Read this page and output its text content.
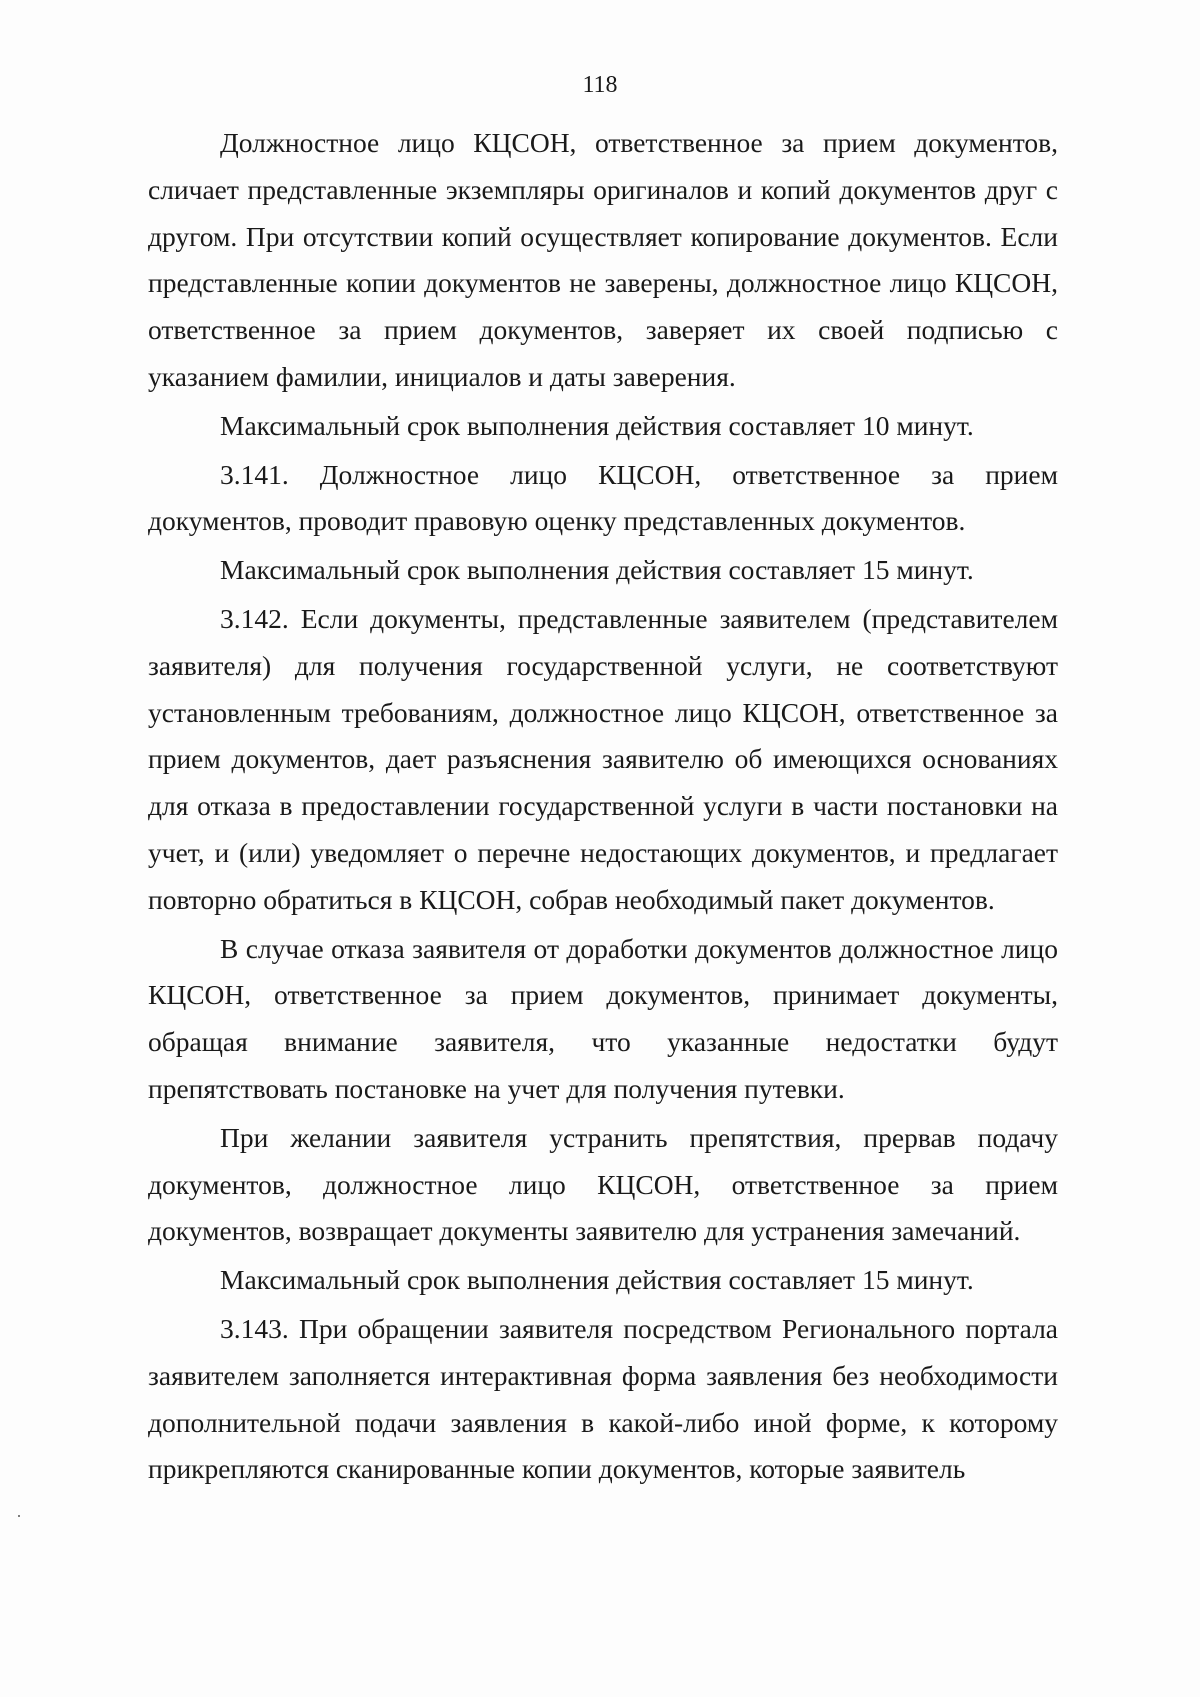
118

Должностное лицо КЦСОН, ответственное за прием документов, сличает представленные экземпляры оригиналов и копий документов друг с другом. При отсутствии копий осуществляет копирование документов. Если представленные копии документов не заверены, должностное лицо КЦСОН, ответственное за прием документов, заверяет их своей подписью с указанием фамилии, инициалов и даты заверения.

Максимальный срок выполнения действия составляет 10 минут.

3.141. Должностное лицо КЦСОН, ответственное за прием документов, проводит правовую оценку представленных документов.

Максимальный срок выполнения действия составляет 15 минут.

3.142. Если документы, представленные заявителем (представителем заявителя) для получения государственной услуги, не соответствуют установленным требованиям, должностное лицо КЦСОН, ответственное за прием документов, дает разъяснения заявителю об имеющихся основаниях для отказа в предоставлении государственной услуги в части постановки на учет, и (или) уведомляет о перечне недостающих документов, и предлагает повторно обратиться в КЦСОН, собрав необходимый пакет документов.

В случае отказа заявителя от доработки документов должностное лицо КЦСОН, ответственное за прием документов, принимает документы, обращая внимание заявителя, что указанные недостатки будут препятствовать постановке на учет для получения путевки.

При желании заявителя устранить препятствия, прервав подачу документов, должностное лицо КЦСОН, ответственное за прием документов, возвращает документы заявителю для устранения замечаний.

Максимальный срок выполнения действия составляет 15 минут.

3.143. При обращении заявителя посредством Регионального портала заявителем заполняется интерактивная форма заявления без необходимости дополнительной подачи заявления в какой-либо иной форме, к которому прикрепляются сканированные копии документов, которые заявитель
